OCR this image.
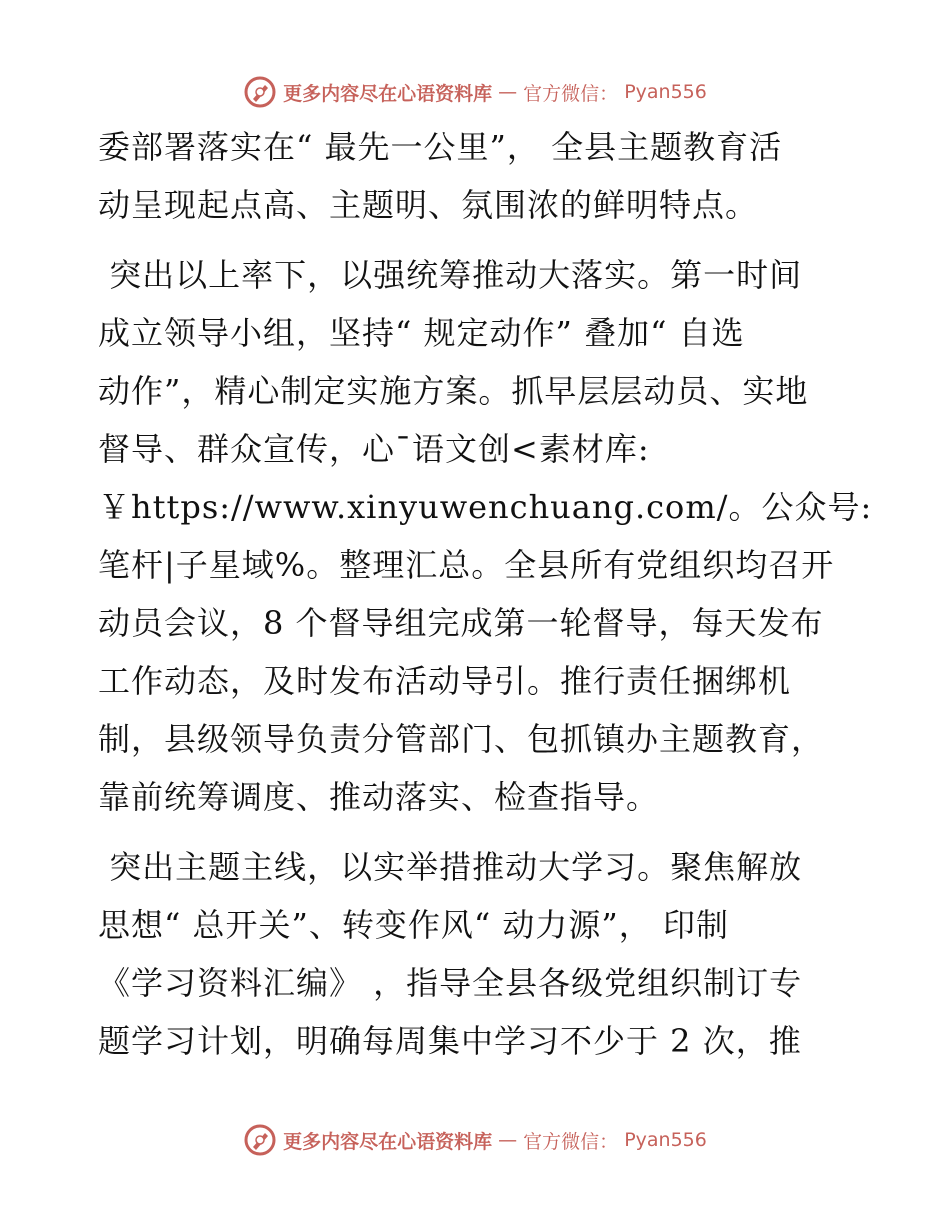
更多内容尽在心语资料库 — 官方微信： Pyan556
委部署落实在“ 最先一公里”， 全县主题教育活
动呈现起点高、主题明、氛围浓的鲜明特点。
突出以上率下，以强统筹推动大落实。第一时间
成立领导小组，坚持“ 规定动作” 叠加“ 自选
动作”，精心制定实施方案。抓早层层动员、实地
督导、群众宣传，心¯语文创<素材库:
￥https://www.xinyuwenchuang.com/。公众号:
笔杆|子星域%。整理汇总。全县所有党组织均召开
动员会议，8 个督导组完成第一轮督导，每天发布
工作动态，及时发布活动导引。推行责任捆绑机
制，县级领导负责分管部门、包抓镇办主题教育，
靠前统筹调度、推动落实、检查指导。
突出主题主线，以实举措推动大学习。聚焦解放
思想“ 总开关”、转变作风“ 动力源”， 印制
《学习资料汇编》 ，指导全县各级党组织制订专
题学习计划，明确每周集中学习不少于 2 次，推
更多内容尽在心语资料库 — 官方微信： Pyan556
